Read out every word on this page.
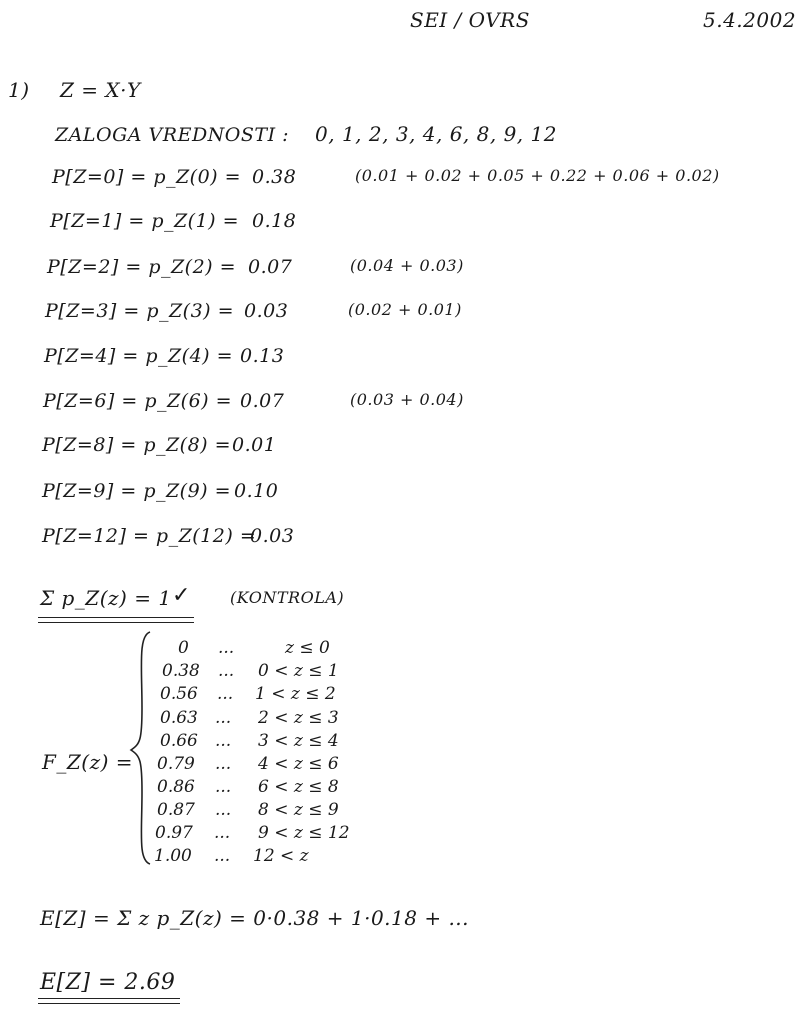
SEI / OVRS	5.4.2002
1) Z = X·Y
ZALOGA VREDNOSTI : 0, 1, 2, 3, 4, 6, 8, 9, 12
P[Z=0] = p_Z(0) = 0.38	(0.01 + 0.02 + 0.05 + 0.22 + 0.06 + 0.02)
P[Z=1] = p_Z(1) = 0.18
P[Z=2] = p_Z(2) = 0.07	(0.04 + 0.03)
P[Z=3] = p_Z(3) = 0.03	(0.02 + 0.01)
P[Z=4] = p_Z(4) = 0.13
P[Z=6] = p_Z(6) = 0.07	(0.03 + 0.04)
P[Z=8] = p_Z(8) = 0.01
P[Z=9] = p_Z(9) = 0.10
P[Z=12] = p_Z(12) =
0.03
Σ p_Z(z) = 1 ✓ (KONTROLA)
F_Z(z) =
0 ...	z ≤ 0
0.38 ... 0 < z ≤ 1
0.56 ... 1 < z ≤ 2
0.63 ... 2 < z ≤ 3
0.66 ... 3 < z ≤ 4
0.79 ... 4 < z ≤ 6
0.86 ... 6 < z ≤ 8
0.87 ... 8 < z ≤ 9
0.97 ... 9 < z ≤ 12
1.00 ... 12 < z
E[Z] = Σ z p_Z(z) = 0·0.38 + 1·0.18 + ...
E[Z] = 2.69
